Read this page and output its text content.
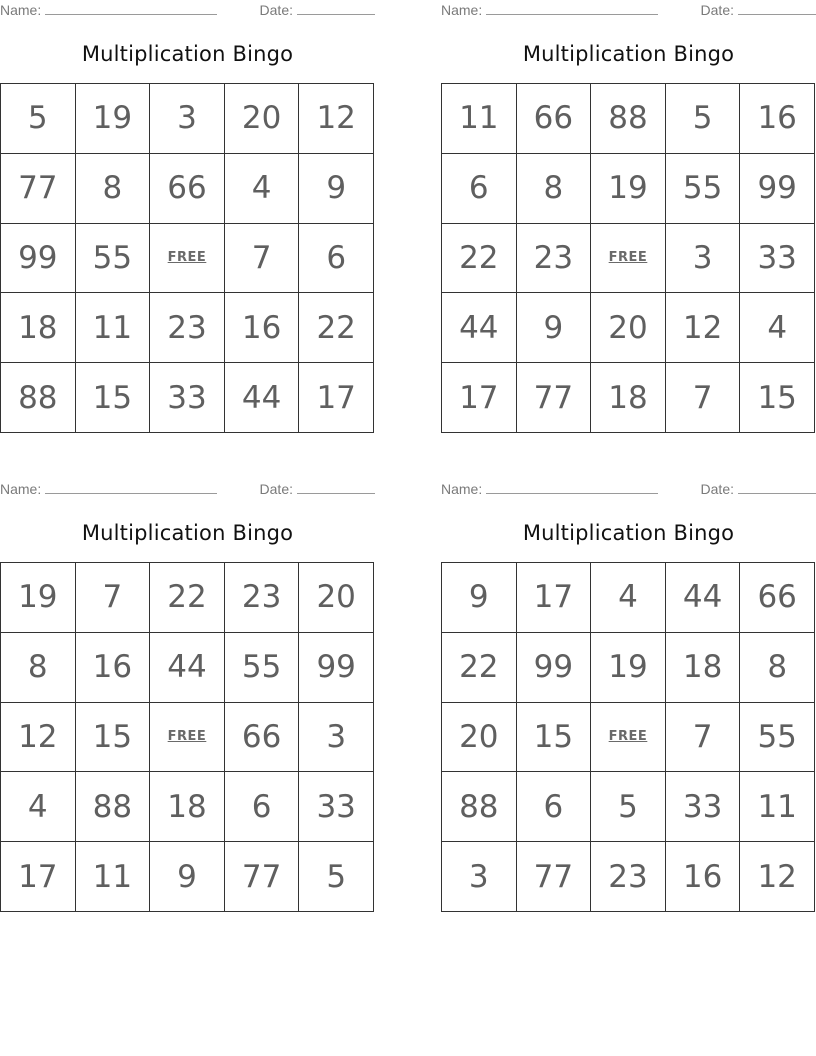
Name:	Date:
Multiplication Bingo
5	19	3	20	12
77	8	66	4	9
99	55	FREE	7	6
18	11	23	16	22
88	15	33	44	17
Name:	Date:
Multiplication Bingo
11	66	88	5	16
6	8	19	55	99
22	23	FREE	3	33
44	9	20	12	4
17	77	18	7	15
Name:	Date:
Multiplication Bingo
19	7	22	23	20
8	16	44	55	99
12	15	FREE	66	3
4	88	18	6	33
17	11	9	77	5
Name:	Date:
Multiplication Bingo
9	17	4	44	66
22	99	19	18	8
20	15	FREE	7	55
88	6	5	33	11
3	77	23	16	12
